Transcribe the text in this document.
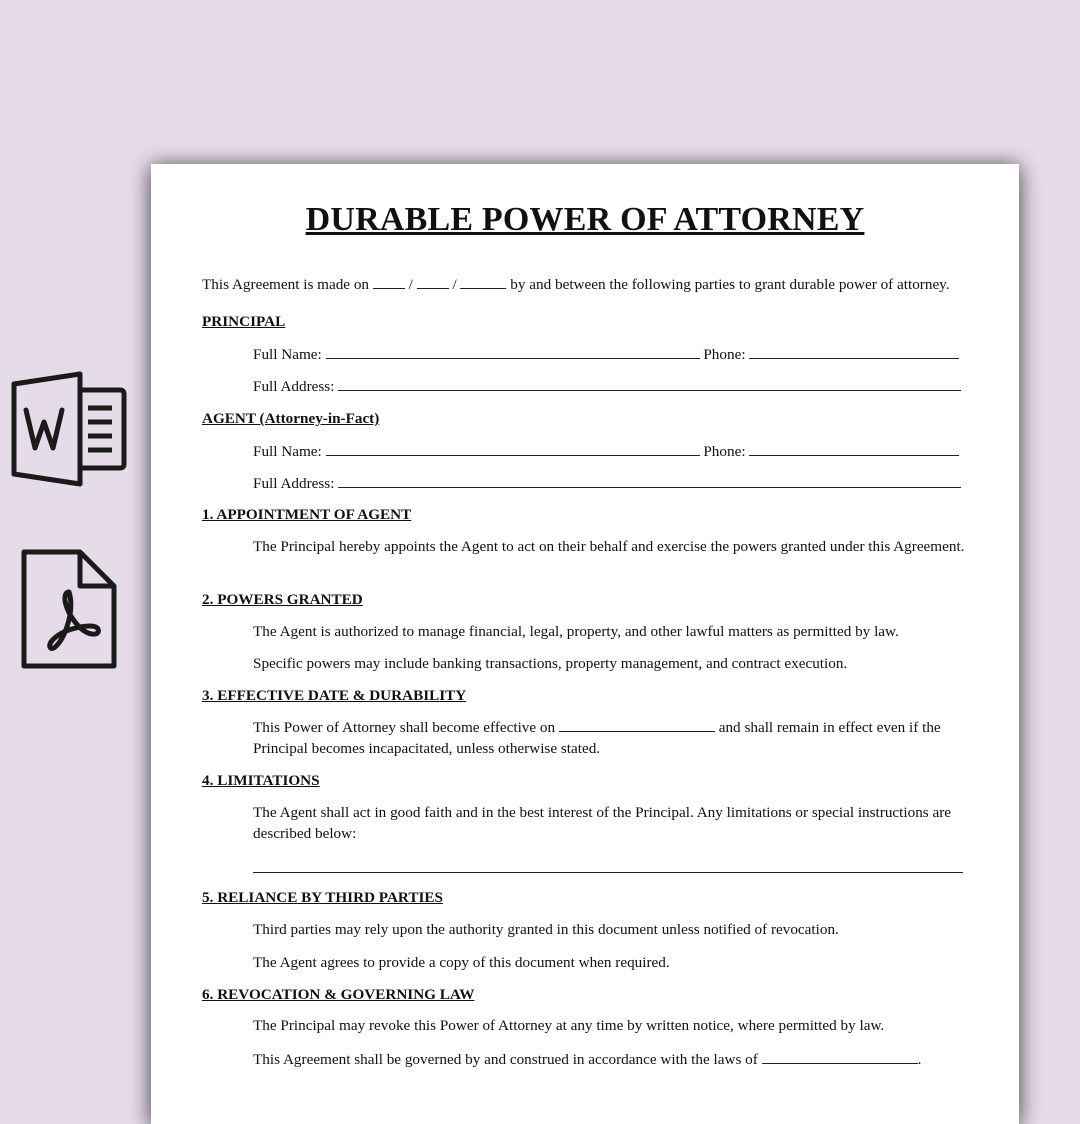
DURABLE POWER OF ATTORNEY
This Agreement is made on	/	/	by and between the following parties to grant durable power of attorney.
PRINCIPAL
Full Name:	Phone:
Full Address:
AGENT (Attorney-in-Fact)
Full Name:	Phone:
Full Address:
1. APPOINTMENT OF AGENT
The Principal hereby appoints the Agent to act on their behalf and exercise the powers granted under this Agreement.
2. POWERS GRANTED
The Agent is authorized to manage financial, legal, property, and other lawful matters as permitted by law.
Specific powers may include banking transactions, property management, and contract execution.
3. EFFECTIVE DATE & DURABILITY
This Power of Attorney shall become effective on	and shall remain in effect even if the Principal becomes incapacitated, unless otherwise stated.
4. LIMITATIONS
The Agent shall act in good faith and in the best interest of the Principal. Any limitations or special instructions are described below:
5. RELIANCE BY THIRD PARTIES
Third parties may rely upon the authority granted in this document unless notified of revocation.
The Agent agrees to provide a copy of this document when required.
6. REVOCATION & GOVERNING LAW
The Principal may revoke this Power of Attorney at any time by written notice, where permitted by law.
This Agreement shall be governed by and construed in accordance with the laws of	.
